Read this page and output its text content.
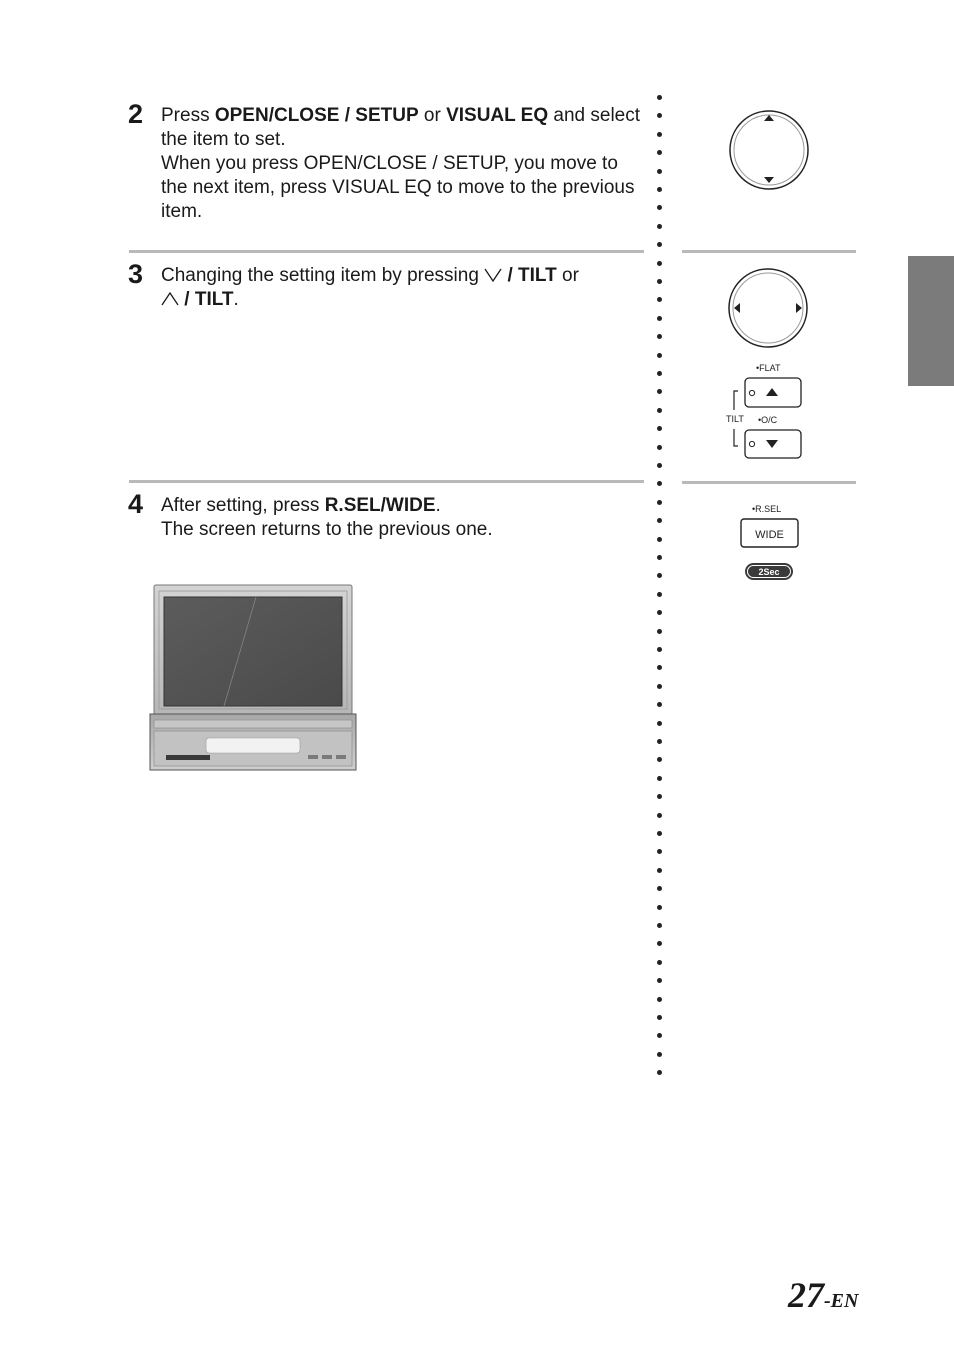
2 Press OPEN/CLOSE / SETUP or VISUAL EQ and select the item to set.
When you press OPEN/CLOSE / SETUP, you move to the next item, press VISUAL EQ to move to the previous item.
3 Changing the setting item by pressing  / TILT or
/ TILT.
4 After setting, press R.SEL/WIDE.
The screen returns to the previous one.
•FLAT
TILT •O/C
•R.SEL
WIDE
2Sec
27-EN
